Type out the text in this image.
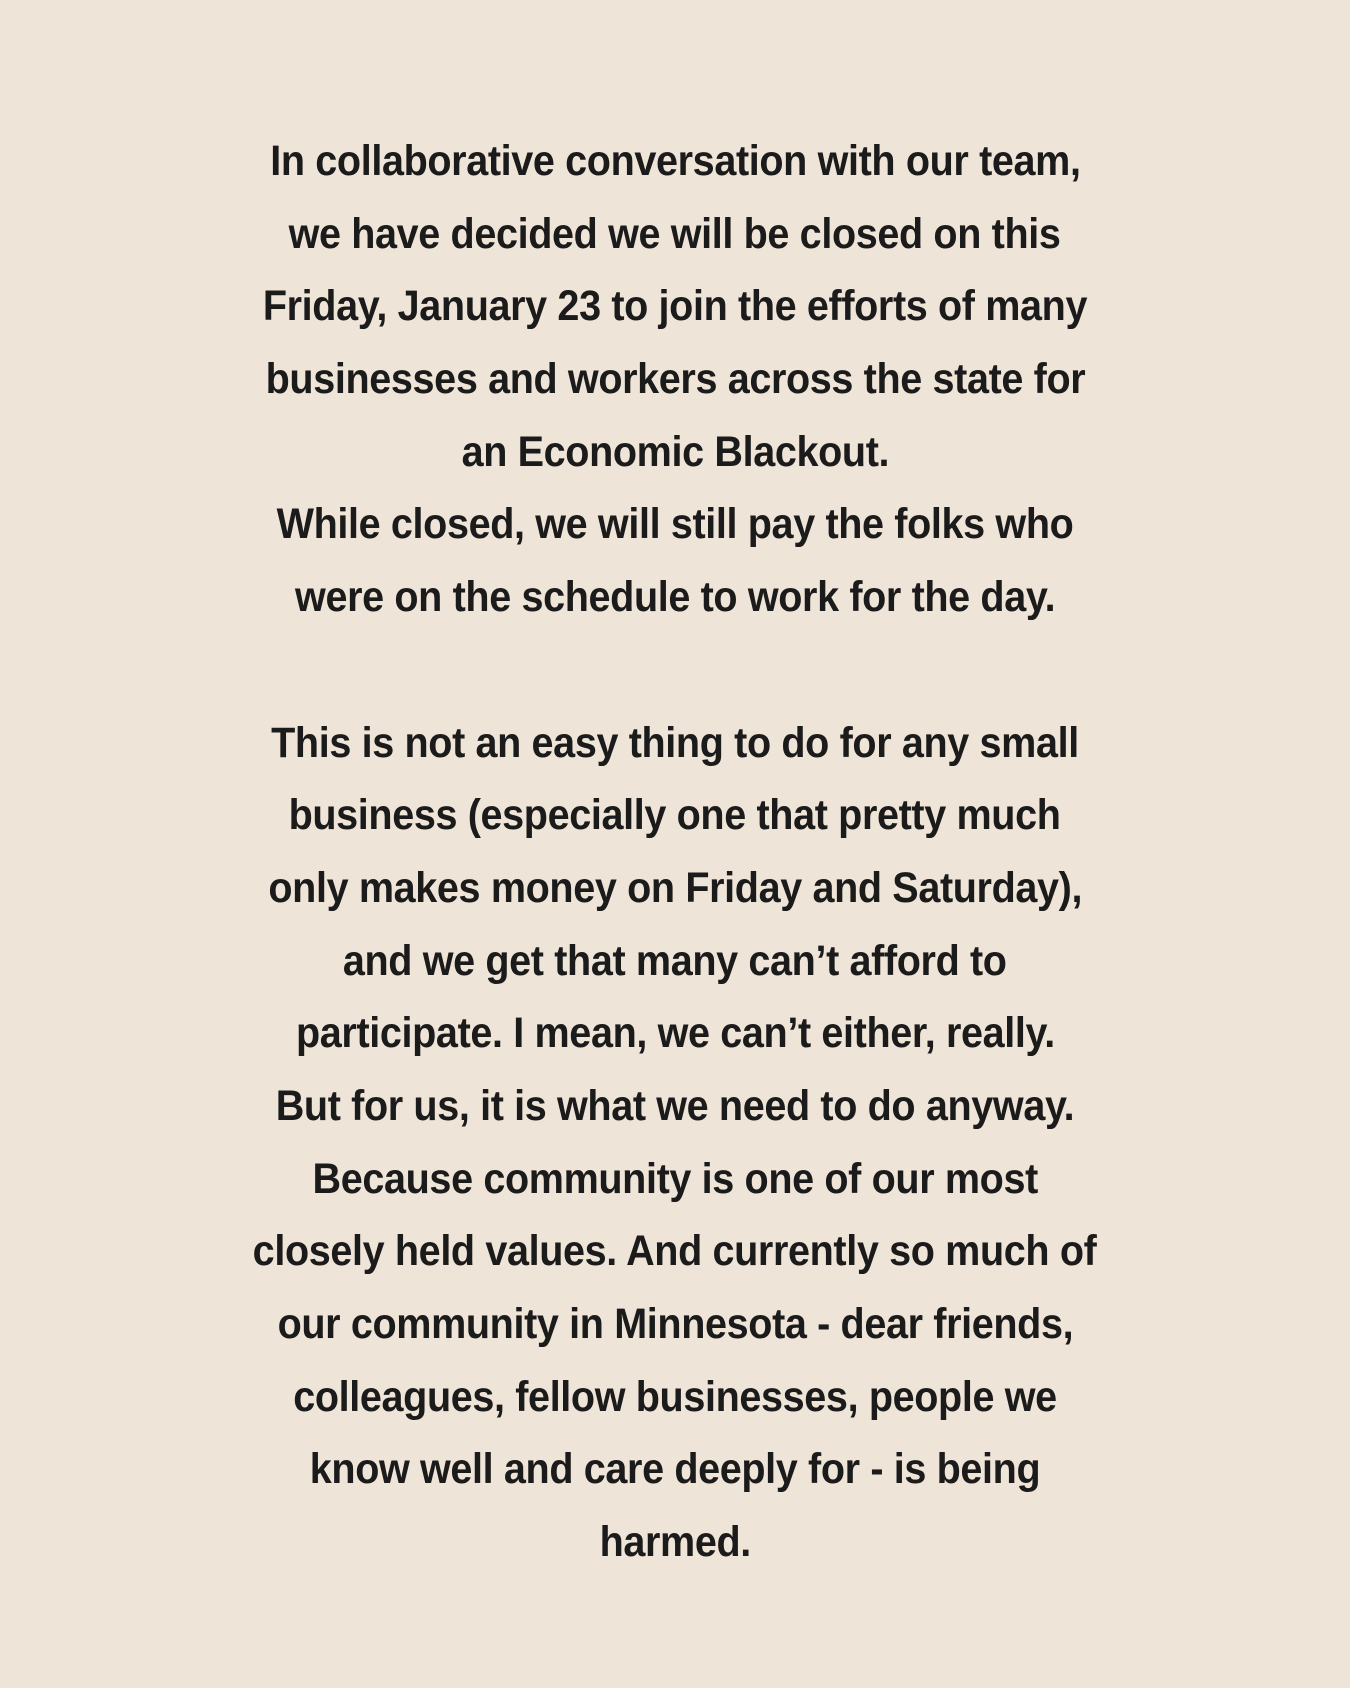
In collaborative conversation with our team,
we have decided we will be closed on this
Friday, January 23 to join the efforts of many
businesses and workers across the state for
an Economic Blackout.
While closed, we will still pay the folks who
were on the schedule to work for the day.
This is not an easy thing to do for any small
business (especially one that pretty much
only makes money on Friday and Saturday),
and we get that many can’t afford to
participate. I mean, we can’t either, really.
But for us, it is what we need to do anyway.
Because community is one of our most
closely held values. And currently so much of
our community in Minnesota - dear friends,
colleagues, fellow businesses, people we
know well and care deeply for - is being
harmed.
